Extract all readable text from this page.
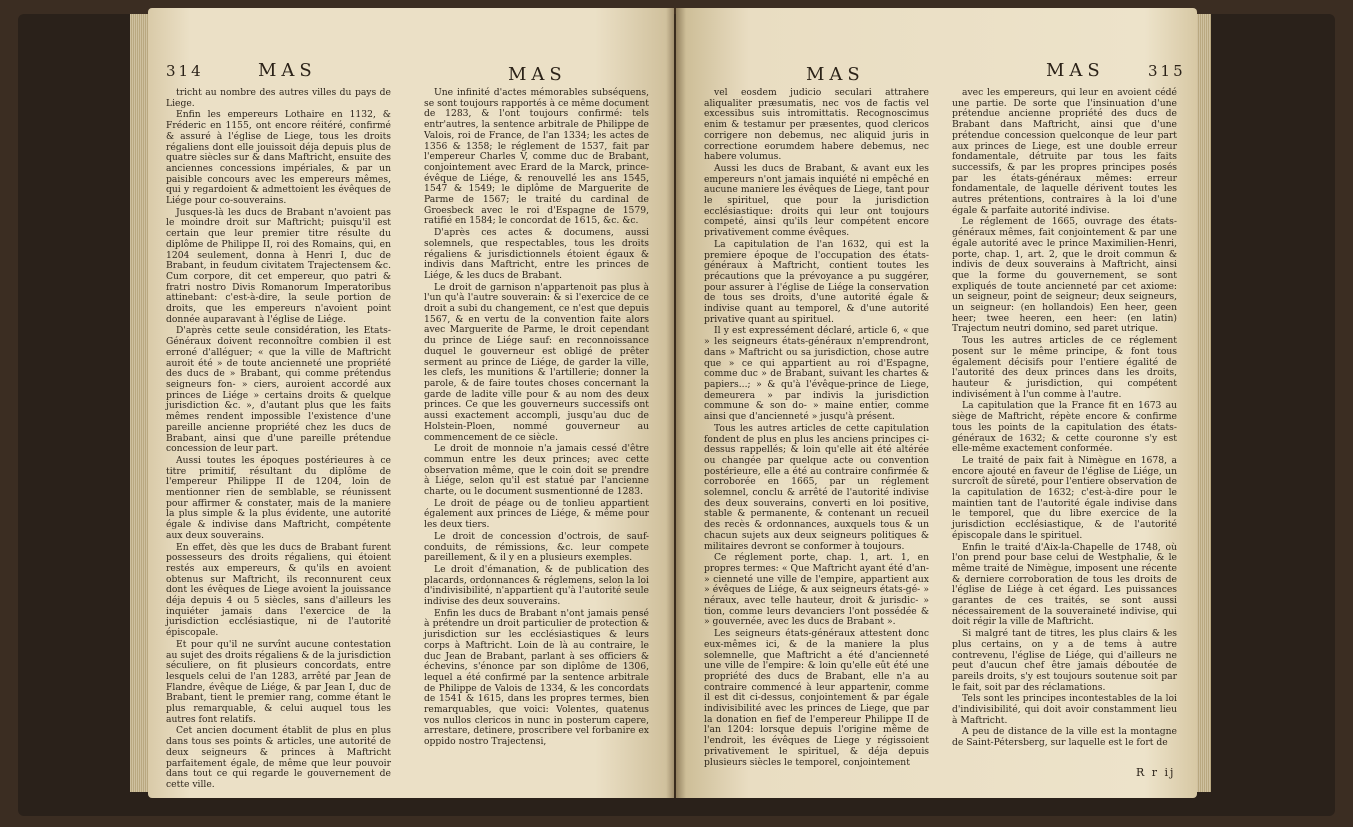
314	MAS	MAS

tricht au nombre des autres villes du pays de Liege.

Enfin les empereurs Lothaire en 1132, & Fréderic en 1155, ont encore réitéré, confirmé & assuré à l'église de Liege, tous les droits régaliens dont elle jouissoit déja depuis plus de quatre siècles sur & dans Maftricht, ensuite des anciennes concessions impériales, & par un paisible concours avec les empereurs mêmes, qui y regardoient & admettoient les évêques de Liége pour co-souverains.

Jusques-là les ducs de Brabant n'avoient pas le moindre droit sur Maftricht; puisqu'il est certain que leur premier titre résulte du diplôme de Philippe II, roi des Romains, qui, en 1204 seulement, donna à Henri I, duc de Brabant, in feudum civitatem Trajectensem &c. Cum corpore, dit cet empereur, quo patri & fratri nostro Divis Romanorum Imperatoribus attinebant: c'est-à-dire, la seule portion de droits, que les empereurs n'avoient point donnée auparavant à l'église de Liége.

D'après cette seule considération, les Etats-Généraux doivent reconnoître combien il est erroné d'alléguer; « que la ville de Maftricht auroit été » de toute ancienneté une propriété des ducs de » Brabant, qui comme prétendus seigneurs fon- » ciers, auroient accordé aux princes de Liége » certains droits & quelque jurisdiction &c. », d'autant plus que les faits mêmes rendent impossible l'existence d'une pareille ancienne propriété chez les ducs de Brabant, ainsi que d'une pareille prétendue concession de leur part.

Aussi toutes les époques postérieures à ce titre primitif, résultant du diplôme de l'empereur Philippe II de 1204, loin de mentionner rien de semblable, se réunissent pour affirmer & constater, mais de la maniere la plus simple & la plus évidente, une autorité égale & indivise dans Maftricht, compétente aux deux souverains.

En effet, dès que les ducs de Brabant furent possesseurs des droits régaliens, qui étoient restés aux empereurs, & qu'ils en avoient obtenus sur Maftricht, ils reconnurent ceux dont les évêques de Liege avoient la jouissance déja depuis 4 ou 5 siècles, sans d'ailleurs les inquiéter jamais dans l'exercice de la jurisdiction ecclésiastique, ni de l'autorité épiscopale.

Et pour qu'il ne survînt aucune contestation au sujet des droits régaliens & de la jurisdiction séculiere, on fit plusieurs concordats, entre lesquels celui de l'an 1283, arrêté par Jean de Flandre, évêque de Liége, & par Jean I, duc de Brabant, tient le premier rang, comme étant le plus remarquable, & celui auquel tous les autres font relatifs.

Cet ancien document établit de plus en plus dans tous ses points & articles, une autorité de deux seigneurs & princes à Maftricht parfaitement égale, de même que leur pouvoir dans tout ce qui regarde le gouvernement de cette ville.

Une infinité d'actes mémorables subséquens, se sont toujours rapportés à ce même document de 1283, & l'ont toujours confirmé: tels entr'autres, la sentence arbitrale de Philippe de Valois, roi de France, de l'an 1334; les actes de 1356 & 1358; le réglement de 1537, fait par l'empereur Charles V, comme duc de Brabant, conjointement avec Erard de la Marck, prince-évêque de Liége, & renouvellé les ans 1545, 1547 & 1549; le diplôme de Marguerite de Parme de 1567; le traité du cardinal de Groesbeck avec le roi d'Espagne de 1579, ratifié en 1584; le concordat de 1615, &c. &c.

D'après ces actes & documens, aussi solemnels, que respectables, tous les droits régaliens & jurisdictionnels étoient égaux & indivis dans Maftricht, entre les princes de Liége, & les ducs de Brabant.

Le droit de garnison n'appartenoit pas plus à l'un qu'à l'autre souverain: & si l'exercice de ce droit a subi du changement, ce n'est que depuis 1567, & en vertu de la convention faite alors avec Marguerite de Parme, le droit cependant du prince de Liége sauf: en reconnoissance duquel le gouverneur est obligé de prêter serment au prince de Liége, de garder la ville, les clefs, les munitions & l'artillerie; donner la parole, & de faire toutes choses concernant la garde de ladite ville pour & au nom des deux princes. Ce que les gouverneurs successifs ont aussi exactement accompli, jusqu'au duc de Holstein-Ploen, nommé gouverneur au commencement de ce siècle.

Le droit de monnoie n'a jamais cessé d'être commun entre les deux princes; avec cette observation même, que le coin doit se prendre à Liége, selon qu'il est statué par l'ancienne charte, ou le document susmentionné de 1283.

Le droit de péage ou de tonlieu appartient également aux princes de Liége, & même pour les deux tiers.

Le droit de concession d'octrois, de sauf-conduits, de rémissions, &c. leur compete pareillement, & il y en a plusieurs exemples.

Le droit d'émanation, & de publication des placards, ordonnances & réglemens, selon la loi d'indivisibilité, n'appartient qu'à l'autorité seule indivise des deux souverains.

Enfin les ducs de Brabant n'ont jamais pensé à prétendre un droit particulier de protection & jurisdiction sur les ecclésiastiques & leurs corps à Maftricht. Loin de là au contraire, le duc Jean de Brabant, parlant à ses officiers & échevins, s'énonce par son diplôme de 1306, lequel a été confirmé par la sentence arbitrale de Philippe de Valois de 1334, & les concordats de 1541 & 1615, dans les propres termes, bien remarquables, que voici: Volentes, quatenus vos nullos clericos in nunc in posterum capere, arrestare, detinere, proscribere vel forbanire ex oppido nostro Trajectensi,

MAS	MAS	315

vel eosdem judicio seculari attrahere aliqualiter præsumatis, nec vos de factis vel excessibus suis intromittatis. Recognoscimus enim & testamur per præsentes, quod clericos corrigere non debemus, nec aliquid juris in correctione eorumdem habere debemus, nec habere volumus.

Aussi les ducs de Brabant, & avant eux les empereurs n'ont jamais inquiété ni empêché en aucune maniere les évêques de Liege, tant pour le spirituel, que pour la jurisdiction ecclésiastique: droits qui leur ont toujours competé, ainsi qu'ils leur compétent encore privativement comme évêques.

La capitulation de l'an 1632, qui est la premiere époque de l'occupation des états-généraux à Maftricht, contient toutes les précautions que la prévoyance a pu suggérer, pour assurer à l'église de Liége la conservation de tous ses droits, d'une autorité égale & indivise quant au temporel, & d'une autorité privative quant au spirituel.

Il y est expressément déclaré, article 6, « que » les seigneurs états-généraux n'emprendront, dans » Maftricht ou sa jurisdiction, chose autre que » ce qui appartient au roi d'Espagne, comme duc » de Brabant, suivant les chartes & papiers...; » & qu'à l'évêque-prince de Liege, demeurera » par indivis la jurisdiction commune & son do- » maine entier, comme ainsi que d'ancienneté » jusqu'à présent.

Tous les autres articles de cette capitulation fondent de plus en plus les anciens principes ci-dessus rappellés; & loin qu'elle ait été altérée ou changée par quelque acte ou convention postérieure, elle a été au contraire confirmée & corroborée en 1665, par un réglement solemnel, conclu & arrêté de l'autorité indivise des deux souverains, converti en loi positive, stable & permanente, & contenant un recueil des recès & ordonnances, auxquels tous & un chacun sujets aux deux seigneurs politiques & militaires devront se conformer à toujours.

Ce réglement porte, chap. 1, art. 1, en propres termes: « Que Maftricht ayant été d'an- » cienneté une ville de l'empire, appartient aux » évêques de Liége, & aux seigneurs états-gé- » néraux, avec telle hauteur, droit & jurisdic- » tion, comme leurs devanciers l'ont possédée & » gouvernée, avec les ducs de Brabant ».

Les seigneurs états-généraux attestent donc eux-mêmes ici, & de la maniere la plus solemnelle, que Maftricht a été d'ancienneté une ville de l'empire: & loin qu'elle eût été une propriété des ducs de Brabant, elle n'a au contraire commencé à leur appartenir, comme il est dit ci-dessus, conjointement & par égale indivisibilité avec les princes de Liege, que par la donation en fief de l'empereur Philippe II de l'an 1204: lorsque depuis l'origine même de l'endroit, les évêques de Liege y régissoient privativement le spirituel, & déja depuis plusieurs siècles le temporel, conjointement

avec les empereurs, qui leur en avoient cédé une partie. De sorte que l'insinuation d'une prétendue ancienne propriété des ducs de Brabant dans Maftricht, ainsi que d'une prétendue concession quelconque de leur part aux princes de Liege, est une double erreur fondamentale, détruite par tous les faits successifs, & par les propres principes posés par les états-généraux mêmes: erreur fondamentale, de laquelle dérivent toutes les autres prétentions, contraires à la loi d'une égale & parfaite autorité indivise.

Le réglement de 1665, ouvrage des états-généraux mêmes, fait conjointement & par une égale autorité avec le prince Maximilien-Henri, porte, chap. 1, art. 2, que le droit commun & indivis de deux souverains à Maftricht, ainsi que la forme du gouvernement, se sont expliqués de toute ancienneté par cet axiome: un seigneur, point de seigneur; deux seigneurs, un seigneur: (en hollandois) Een heer, geen heer; twee heeren, een heer: (en latin) Trajectum neutri domino, sed paret utrique.

Tous les autres articles de ce réglement posent sur le même principe, & font tous également décisifs pour l'entiere égalité de l'autorité des deux princes dans les droits, hauteur & jurisdiction, qui compétent indivisément à l'un comme à l'autre.

La capitulation que la France fit en 1673 au siège de Maftricht, répète encore & confirme tous les points de la capitulation des états-généraux de 1632; & cette couronne s'y est elle-même exactement conformée.

Le traité de paix fait à Nimègue en 1678, a encore ajouté en faveur de l'église de Liége, un surcroît de sûreté, pour l'entiere observation de la capitulation de 1632; c'est-à-dire pour le maintien tant de l'autorité égale indivise dans le temporel, que du libre exercice de la jurisdiction ecclésiastique, & de l'autorité épiscopale dans le spirituel.

Enfin le traité d'Aix-la-Chapelle de 1748, où l'on prend pour base celui de Westphalie, & le même traité de Nimègue, imposent une récente & derniere corroboration de tous les droits de l'église de Liége à cet égard. Les puissances garantes de ces traités, se sont aussi nécessairement de la souveraineté indivise, qui doit régir la ville de Maftricht.

Si malgré tant de titres, les plus clairs & les plus certains, on y a de tems à autre contrevenu, l'église de Liége, qui d'ailleurs ne peut d'aucun chef être jamais déboutée de pareils droits, s'y est toujours soutenue soit par le fait, soit par des réclamations.

Tels sont les principes incontestables de la loi d'indivisibilité, qui doit avoir constamment lieu à Maftricht.

A peu de distance de la ville est la montagne de Saint-Pétersberg, sur laquelle est le fort de

R r ij
